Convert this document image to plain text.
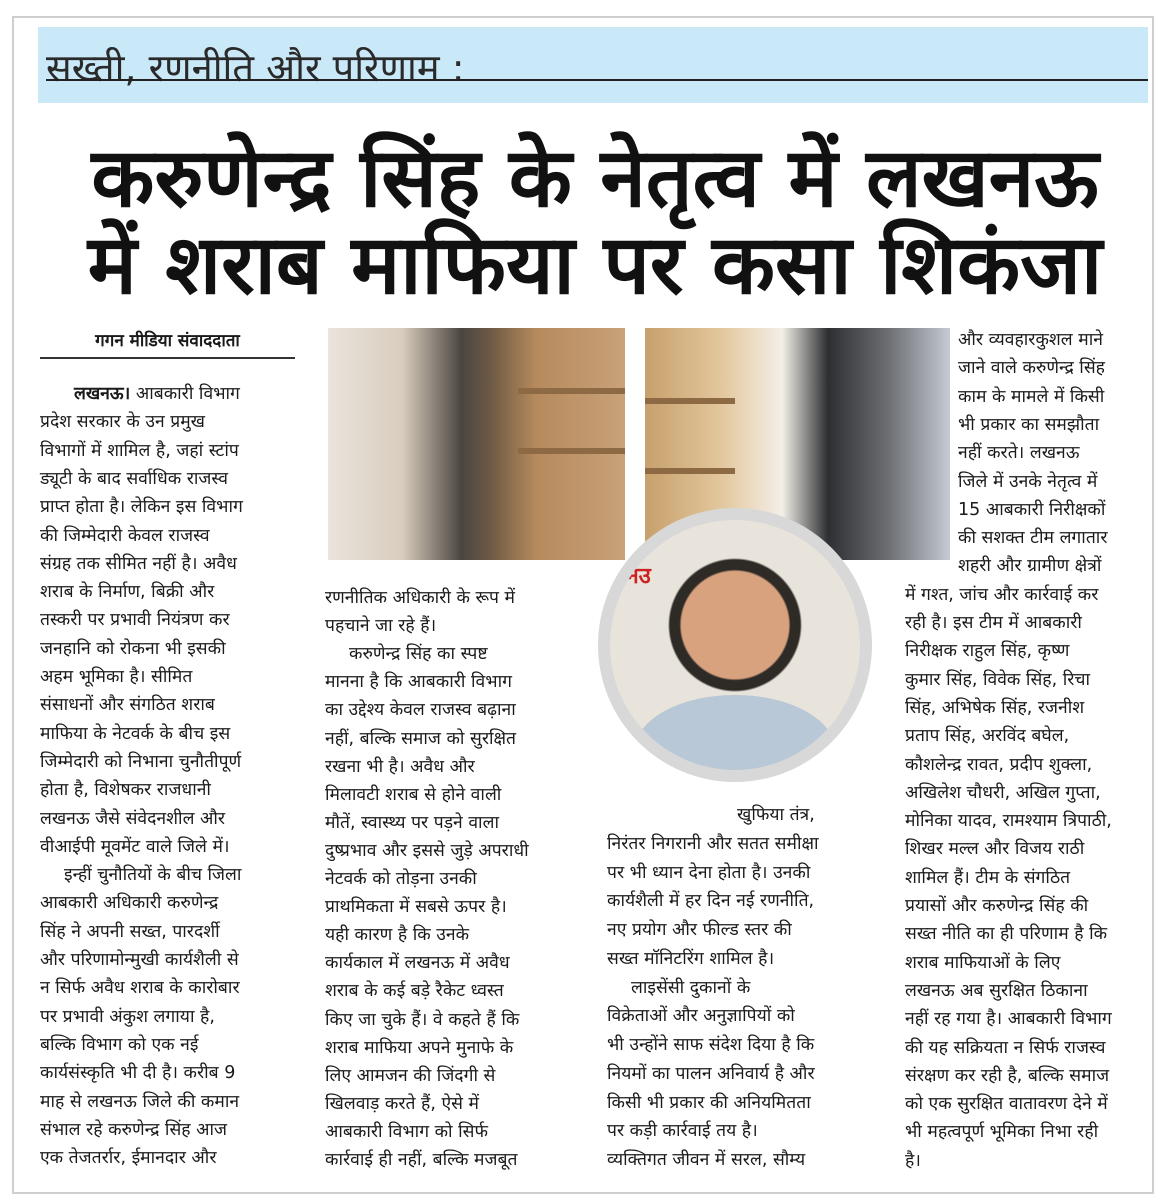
सख्ती, रणनीति और परिणाम :
करुणेन्द्र सिंह के नेतृत्व में लखनऊ
में शराब माफिया पर कसा शिकंजा
गगन मीडिया संवाददाता
ब्रनउ
लखनऊ। आबकारी विभाग
प्रदेश सरकार के उन प्रमुख
विभागों में शामिल है, जहां स्टांप
ड्यूटी के बाद सर्वाधिक राजस्व
प्राप्त होता है। लेकिन इस विभाग
की जिम्मेदारी केवल राजस्व
संग्रह तक सीमित नहीं है। अवैध
शराब के निर्माण, बिक्री और
तस्करी पर प्रभावी नियंत्रण कर
जनहानि को रोकना भी इसकी
अहम भूमिका है। सीमित
संसाधनों और संगठित शराब
माफिया के नेटवर्क के बीच इस
जिम्मेदारी को निभाना चुनौतीपूर्ण
होता है, विशेषकर राजधानी
लखनऊ जैसे संवेदनशील और
वीआईपी मूवमेंट वाले जिले में।
इन्हीं चुनौतियों के बीच जिला
आबकारी अधिकारी करुणेन्द्र
सिंह ने अपनी सख्त, पारदर्शी
और परिणामोन्मुखी कार्यशैली से
न सिर्फ अवैध शराब के कारोबार
पर प्रभावी अंकुश लगाया है,
बल्कि विभाग को एक नई
कार्यसंस्कृति भी दी है। करीब 9
माह से लखनऊ जिले की कमान
संभाल रहे करुणेन्द्र सिंह आज
एक तेजतर्रार, ईमानदार और
रणनीतिक अधिकारी के रूप में
पहचाने जा रहे हैं।
करुणेन्द्र सिंह का स्पष्ट
मानना है कि आबकारी विभाग
का उद्देश्य केवल राजस्व बढ़ाना
नहीं, बल्कि समाज को सुरक्षित
रखना भी है। अवैध और
मिलावटी शराब से होने वाली
मौतें, स्वास्थ्य पर पड़ने वाला
दुष्प्रभाव और इससे जुड़े अपराधी
नेटवर्क को तोड़ना उनकी
प्राथमिकता में सबसे ऊपर है।
यही कारण है कि उनके
कार्यकाल में लखनऊ में अवैध
शराब के कई बड़े रैकेट ध्वस्त
किए जा चुके हैं। वे कहते हैं कि
शराब माफिया अपने मुनाफे के
लिए आमजन की जिंदगी से
खिलवाड़ करते हैं, ऐसे में
आबकारी विभाग को सिर्फ
कार्रवाई ही नहीं, बल्कि मजबूत
खुफिया तंत्र,
निरंतर निगरानी और सतत समीक्षा
पर भी ध्यान देना होता है। उनकी
कार्यशैली में हर दिन नई रणनीति,
नए प्रयोग और फील्ड स्तर की
सख्त मॉनिटरिंग शामिल है।
लाइसेंसी दुकानों के
विक्रेताओं और अनुज्ञापियों को
भी उन्होंने साफ संदेश दिया है कि
नियमों का पालन अनिवार्य है और
किसी भी प्रकार की अनियमितता
पर कड़ी कार्रवाई तय है।
व्यक्तिगत जीवन में सरल, सौम्य
और व्यवहारकुशल माने
जाने वाले करुणेन्द्र सिंह
काम के मामले में किसी
भी प्रकार का समझौता
नहीं करते। लखनऊ
जिले में उनके नेतृत्व में
15 आबकारी निरीक्षकों
की सशक्त टीम लगातार
शहरी और ग्रामीण क्षेत्रों
में गश्त, जांच और कार्रवाई कर
रही है। इस टीम में आबकारी
निरीक्षक राहुल सिंह, कृष्ण
कुमार सिंह, विवेक सिंह, रिचा
सिंह, अभिषेक सिंह, रजनीश
प्रताप सिंह, अरविंद बघेल,
कौशलेन्द्र रावत, प्रदीप शुक्ला,
अखिलेश चौधरी, अखिल गुप्ता,
मोनिका यादव, रामश्याम त्रिपाठी,
शिखर मल्ल और विजय राठी
शामिल हैं। टीम के संगठित
प्रयासों और करुणेन्द्र सिंह की
सख्त नीति का ही परिणाम है कि
शराब माफियाओं के लिए
लखनऊ अब सुरक्षित ठिकाना
नहीं रह गया है। आबकारी विभाग
की यह सक्रियता न सिर्फ राजस्व
संरक्षण कर रही है, बल्कि समाज
को एक सुरक्षित वातावरण देने में
भी महत्वपूर्ण भूमिका निभा रही
है।
